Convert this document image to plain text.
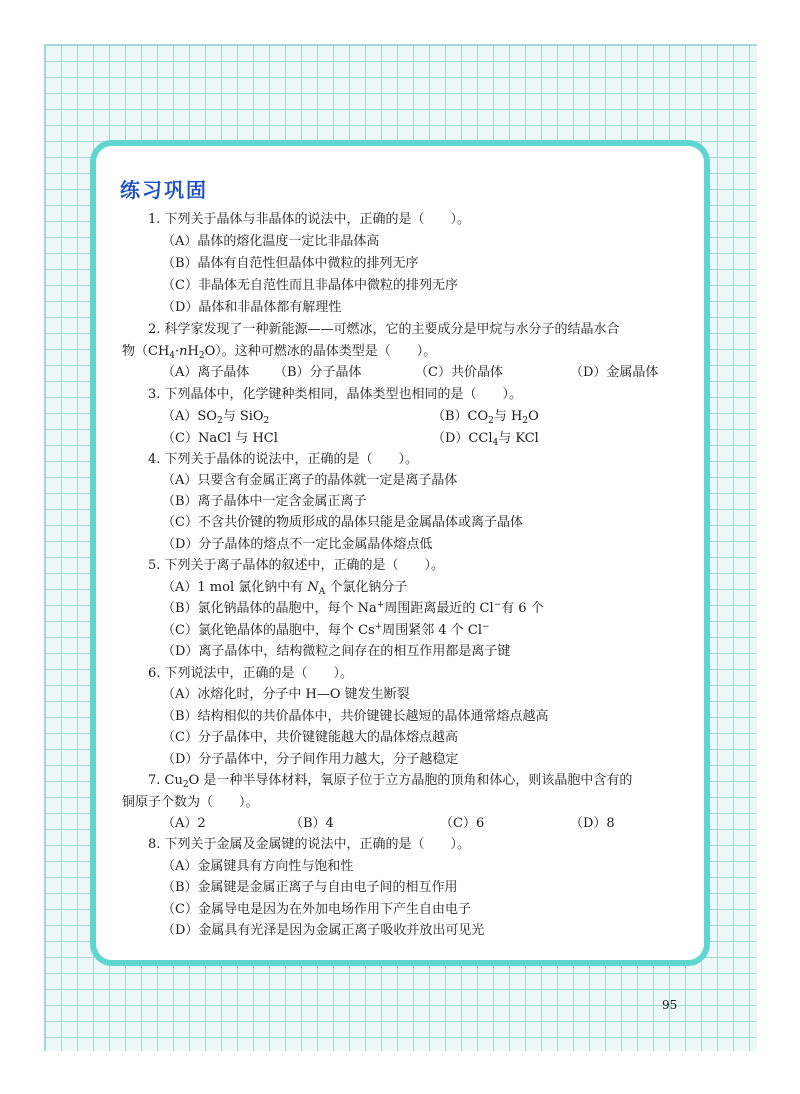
练习巩固
1. 下列关于晶体与非晶体的说法中，正确的是（　　）。
（A）晶体的熔化温度一定比非晶体高
（B）晶体有自范性但晶体中微粒的排列无序
（C）非晶体无自范性而且非晶体中微粒的排列无序
（D）晶体和非晶体都有解理性
2. 科学家发现了一种新能源——可燃冰，它的主要成分是甲烷与水分子的结晶水合
物$(CH_4\cdot nH_2O)$。这种可燃冰的晶体类型是（　　）。
（A）离子晶体 （B）分子晶体	（C）共价晶体	（D）金属晶体
3. 下列晶体中，化学键种类相同，晶体类型也相同的是（　　）。
$(A)SO_2$与 SiO$_2$	$(B)CO_2$与 $H_2O$
（C）NaCl 与 HCl	（D）CCl$_4$与 KCl
4. 下列关于晶体的说法中，正确的是（　　）。
（A）只要含有金属正离子的晶体就一定是离子晶体
（B）离子晶体中一定含金属正离子
（C）不含共价键的物质形成的晶体只能是金属晶体或离子晶体
（D）分子晶体的熔点不一定比金属晶体熔点低
5. 下列关于离子晶体的叙述中，正确的是（　　）。
（A）1 mol 氯化钠中有 $N_A$ 个氯化钠分子
（B）氯化钠晶体的晶胞中，每个 Na+周围距离最近的 Cl−有 6 个
（C）氯化铯晶体的晶胞中，每个 Cs+周围紧邻 4 个 Cl−
（D）离子晶体中，结构微粒之间存在的相互作用都是离子键
6. 下列说法中，正确的是（　　）。
（A）冰熔化时，分子中 H—O 键发生断裂
（B）结构相似的共价晶体中，共价键键长越短的晶体通常熔点越高
（C）分子晶体中，共价键键能越大的晶体熔点越高
（D）分子晶体中，分子间作用力越大，分子越稳定
7. $Cu_2O$ 是一种半导体材料，氧原子位于立方晶胞的顶角和体心，则该晶胞中含有的
铜原子个数为（　　）。
（A）2	（B）4	（C）6	（D）8
8. 下列关于金属及金属键的说法中，正确的是（　　）。
（A）金属键具有方向性与饱和性
（B）金属键是金属正离子与自由电子间的相互作用
（C）金属导电是因为在外加电场作用下产生自由电子
（D）金属具有光泽是因为金属正离子吸收并放出可见光
95
